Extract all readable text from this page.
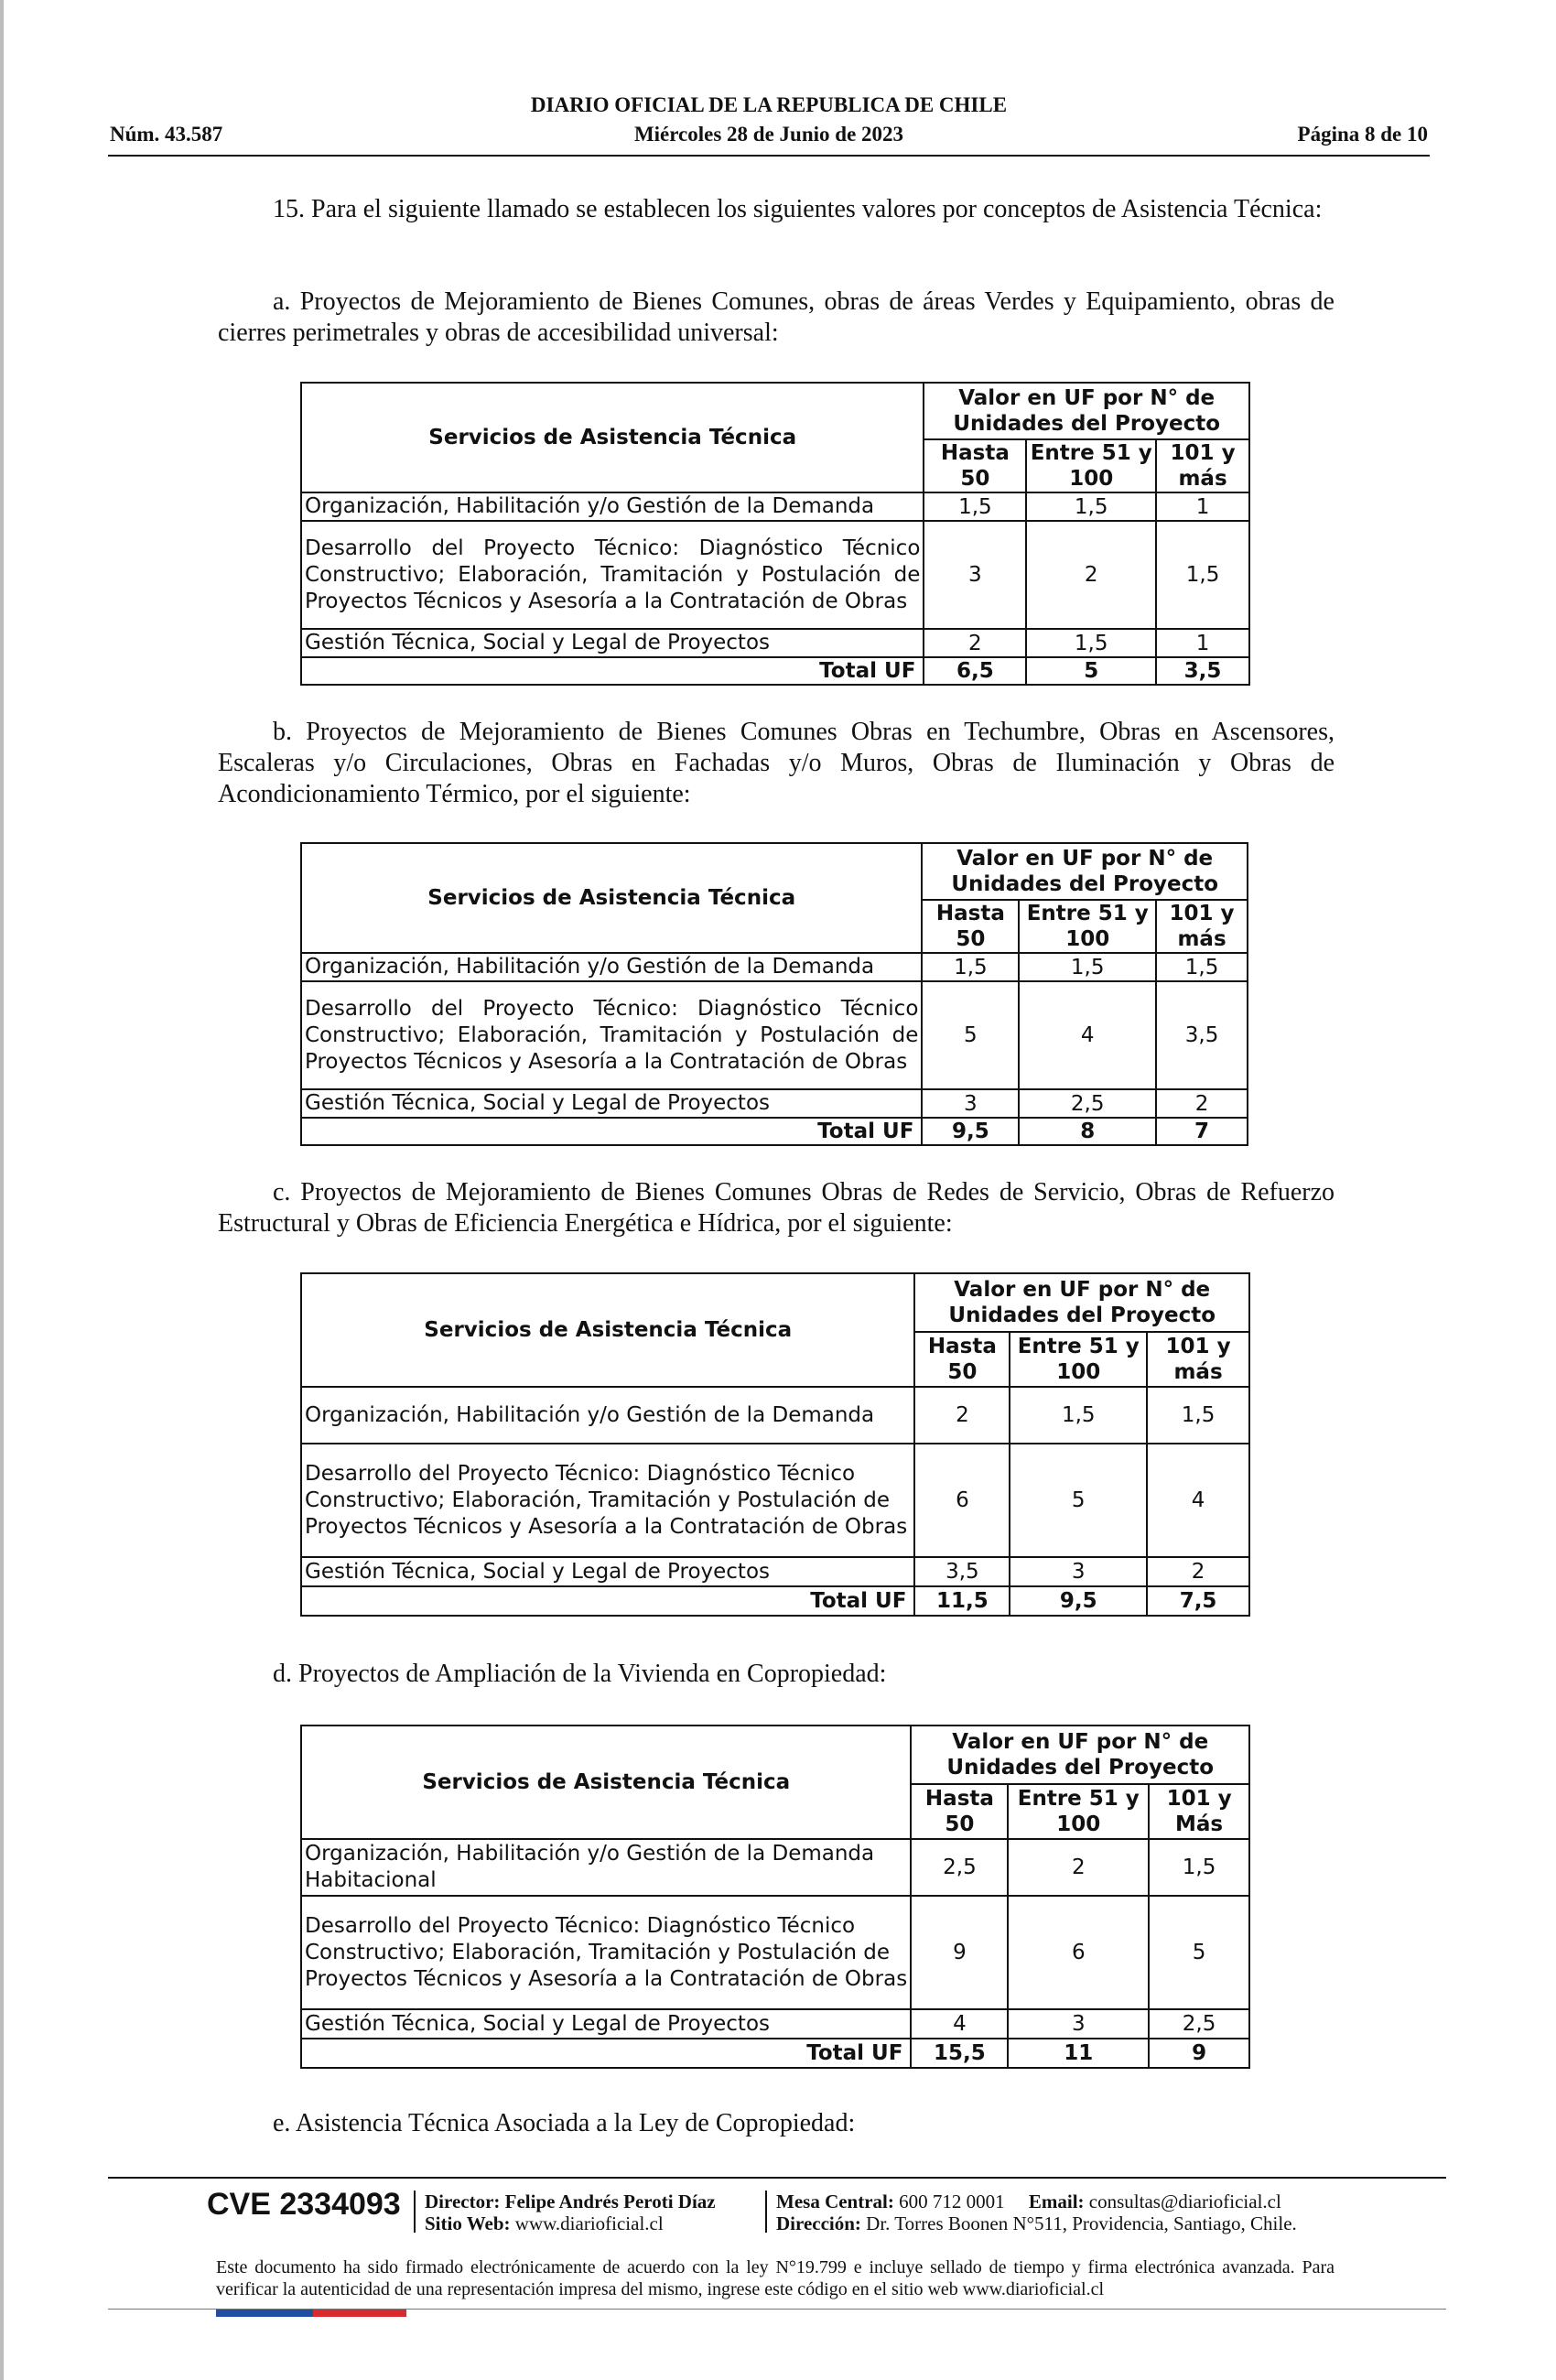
DIARIO OFICIAL DE LA REPUBLICA DE CHILE
Núm. 43.587	Miércoles 28 de Junio de 2023	Página 8 de 10
15. Para el siguiente llamado se establecen los siguientes valores por conceptos de Asistencia Técnica:
a. Proyectos de Mejoramiento de Bienes Comunes, obras de áreas Verdes y Equipamiento, obras de cierres perimetrales y obras de accesibilidad universal:
Servicios de Asistencia Técnica	Valor en UF por N° de Unidades del Proyecto		
	Hasta 50	Entre 51 y 100	101 y más
Organización, Habilitación y/o Gestión de la Demanda	1,5	1,5	1
Desarrollo del Proyecto Técnico: Diagnóstico Técnico Constructivo; Elaboración, Tramitación y Postulación de Proyectos Técnicos y Asesoría a la Contratación de Obras	3	2	1,5
Gestión Técnica, Social y Legal de Proyectos	2	1,5	1
Total UF	6,5	5	3,5
b. Proyectos de Mejoramiento de Bienes Comunes Obras en Techumbre, Obras en Ascensores, Escaleras y/o Circulaciones, Obras en Fachadas y/o Muros, Obras de Iluminación y Obras de Acondicionamiento Térmico, por el siguiente:
Servicios de Asistencia Técnica	Valor en UF por N° de Unidades del Proyecto		
	Hasta 50	Entre 51 y 100	101 y más
Organización, Habilitación y/o Gestión de la Demanda	1,5	1,5	1,5
Desarrollo del Proyecto Técnico: Diagnóstico Técnico Constructivo; Elaboración, Tramitación y Postulación de Proyectos Técnicos y Asesoría a la Contratación de Obras	5	4	3,5
Gestión Técnica, Social y Legal de Proyectos	3	2,5	2
Total UF	9,5	8	7
c. Proyectos de Mejoramiento de Bienes Comunes Obras de Redes de Servicio, Obras de Refuerzo Estructural y Obras de Eficiencia Energética e Hídrica, por el siguiente:
Servicios de Asistencia Técnica	Valor en UF por N° de Unidades del Proyecto		
	Hasta 50	Entre 51 y 100	101 y más
Organización, Habilitación y/o Gestión de la Demanda	2	1,5	1,5
Desarrollo del Proyecto Técnico: Diagnóstico Técnico Constructivo; Elaboración, Tramitación y Postulación de Proyectos Técnicos y Asesoría a la Contratación de Obras	6	5	4
Gestión Técnica, Social y Legal de Proyectos	3,5	3	2
Total UF	11,5	9,5	7,5
d. Proyectos de Ampliación de la Vivienda en Copropiedad:
Servicios de Asistencia Técnica	Valor en UF por N° de Unidades del Proyecto		
	Hasta 50	Entre 51 y 100	101 y Más
Organización, Habilitación y/o Gestión de la Demanda Habitacional	2,5	2	1,5
Desarrollo del Proyecto Técnico: Diagnóstico Técnico Constructivo; Elaboración, Tramitación y Postulación de Proyectos Técnicos y Asesoría a la Contratación de Obras	9	6	5
Gestión Técnica, Social y Legal de Proyectos	4	3	2,5
Total UF	15,5	11	9
e. Asistencia Técnica Asociada a la Ley de Copropiedad:
CVE 2334093 Director: Felipe Andrés Peroti Díaz
Sitio Web: www.diarioficial.cl
Mesa Central: 600 712 0001 Email: consultas@diarioficial.cl
Dirección: Dr. Torres Boonen N°511, Providencia, Santiago, Chile.
Este documento ha sido firmado electrónicamente de acuerdo con la ley N°19.799 e incluye sellado de tiempo y firma electrónica avanzada. Para verificar la autenticidad de una representación impresa del mismo, ingrese este código en el sitio web www.diarioficial.cl
